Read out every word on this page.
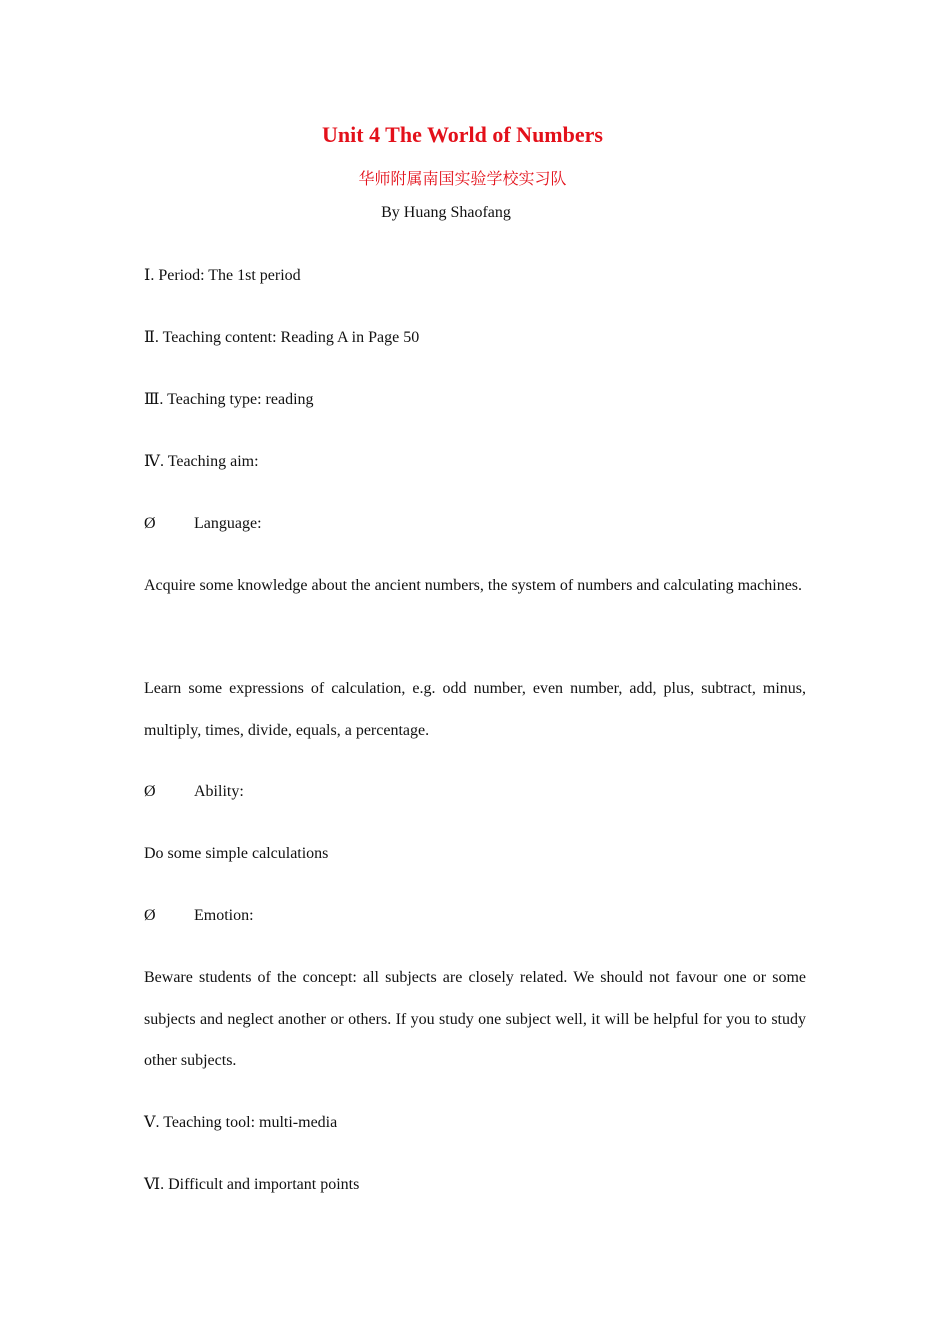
Unit 4 The World of Numbers
华师附属南国实验学校实习队
By Huang Shaofang
Ⅰ. Period: The 1st period
Ⅱ. Teaching content: Reading A in Page 50
Ⅲ. Teaching type: reading
Ⅳ. Teaching aim:
Ø Language:
Acquire some knowledge about the ancient numbers, the system of numbers and calculating machines.
Learn some expressions of calculation, e.g. odd number, even number, add, plus, subtract, minus, multiply, times, divide, equals, a percentage.
Ø Ability:
Do some simple calculations
Ø Emotion:
Beware students of the concept: all subjects are closely related. We should not favour one or some subjects and neglect another or others. If you study one subject well, it will be helpful for you to study other subjects.
Ⅴ. Teaching tool: multi-media
Ⅵ. Difficult and important points
